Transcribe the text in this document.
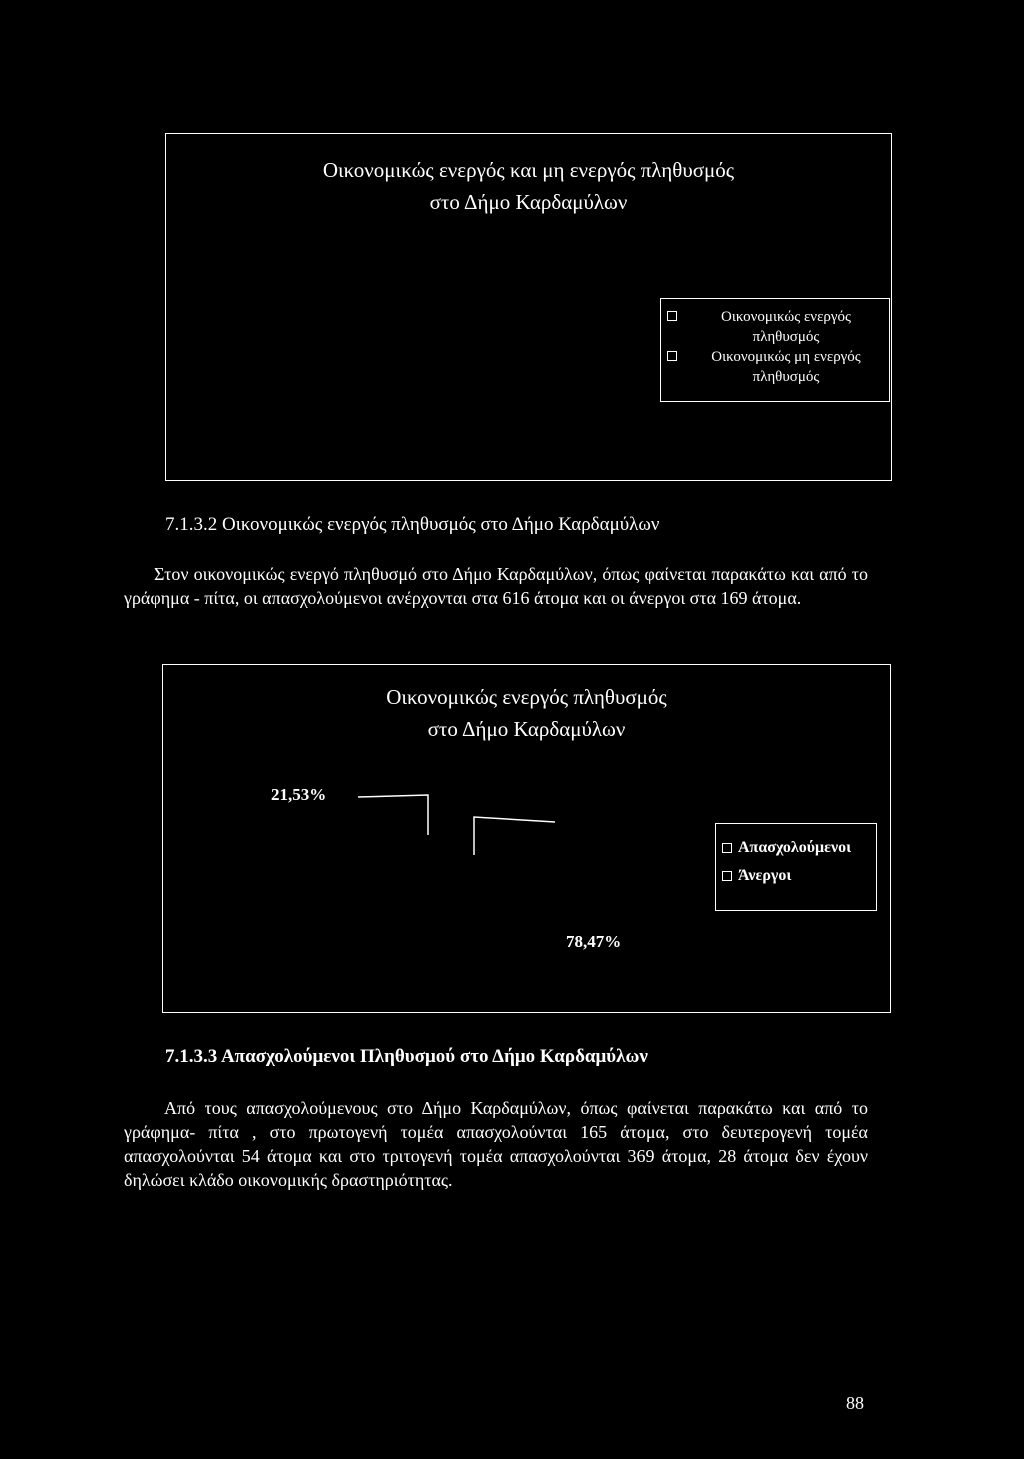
Οικονομικώς ενεργός και μη ενεργός πληθυσμός
στο Δήμο Καρδαμύλων
Οικονομικώς ενεργός
πληθυσμός
Οικονομικώς μη ενεργός
πληθυσμός
7.1.3.2 Οικονομικώς ενεργός πληθυσμός στο Δήμο Καρδαμύλων
Στον οικονομικώς ενεργό πληθυσμό στο Δήμο Καρδαμύλων, όπως φαίνεται παρακάτω και από το γράφημα - πίτα, οι απασχολούμενοι ανέρχονται στα 616 άτομα και οι άνεργοι στα 169 άτομα.
Οικονομικώς ενεργός πληθυσμός
στο Δήμο Καρδαμύλων
21,53%
78,47%
Απασχολούμενοι
Άνεργοι
7.1.3.3 Απασχολούμενοι Πληθυσμού στο Δήμο Καρδαμύλων
Από τους απασχολούμενους στο Δήμο Καρδαμύλων, όπως φαίνεται παρακάτω και από το γράφημα- πίτα , στο πρωτογενή τομέα απασχολούνται 165 άτομα, στο δευτερογενή τομέα απασχολούνται 54 άτομα και στο τριτογενή τομέα απασχολούνται 369 άτομα, 28 άτομα δεν έχουν δηλώσει κλάδο οικονομικής δραστηριότητας.
88
